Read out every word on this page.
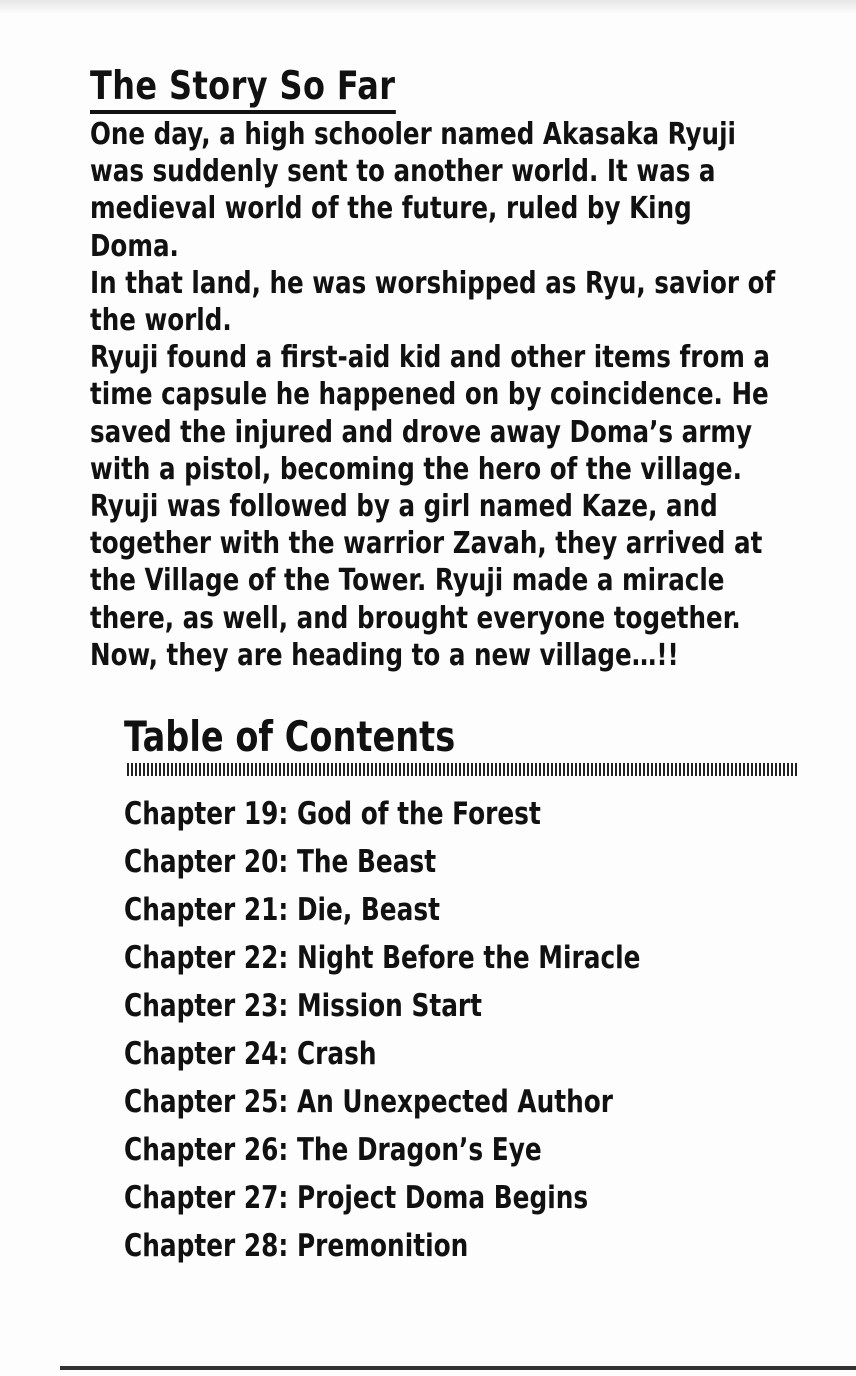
The Story So Far
One day, a high schooler named Akasaka Ryuji
was suddenly sent to another world. It was a
medieval world of the future, ruled by King
Doma.
In that land, he was worshipped as Ryu, savior of
the world.
Ryuji found a first-aid kid and other items from a
time capsule he happened on by coincidence. He
saved the injured and drove away Doma’s army
with a pistol, becoming the hero of the village.
Ryuji was followed by a girl named Kaze, and
together with the warrior Zavah, they arrived at
the Village of the Tower. Ryuji made a miracle
there, as well, and brought everyone together.
Now, they are heading to a new village…!!
Table of Contents
Chapter 19: God of the Forest
Chapter 20: The Beast
Chapter 21: Die, Beast
Chapter 22: Night Before the Miracle
Chapter 23: Mission Start
Chapter 24: Crash
Chapter 25: An Unexpected Author
Chapter 26: The Dragon’s Eye
Chapter 27: Project Doma Begins
Chapter 28: Premonition
